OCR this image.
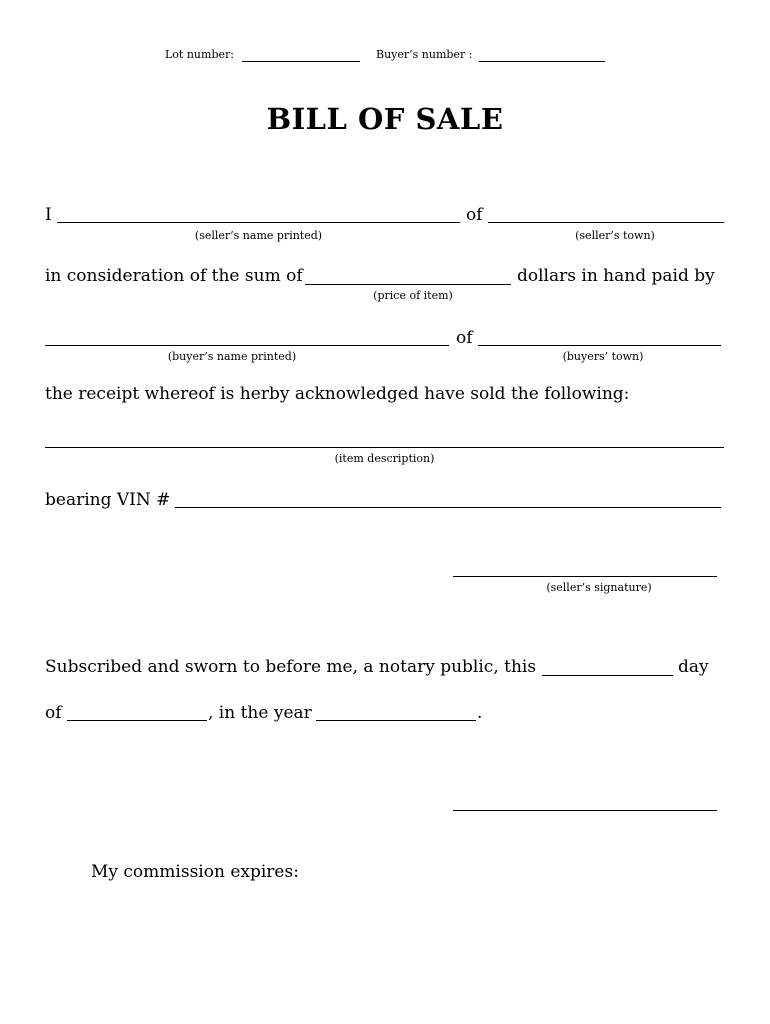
Lot number:	Buyer’s number :
BILL OF SALE
I	of
(seller’s name printed)	(seller’s town)
in consideration of the sum of	dollars in hand paid by
(price of item)
of
(buyer’s name printed)	(buyers’ town)
the receipt whereof is herby acknowledged have sold the following:
(item description)
bearing VIN #
(seller’s signature)
Subscribed and sworn to before me, a notary public, this	day
of	, in the year	.
My commission expires:
